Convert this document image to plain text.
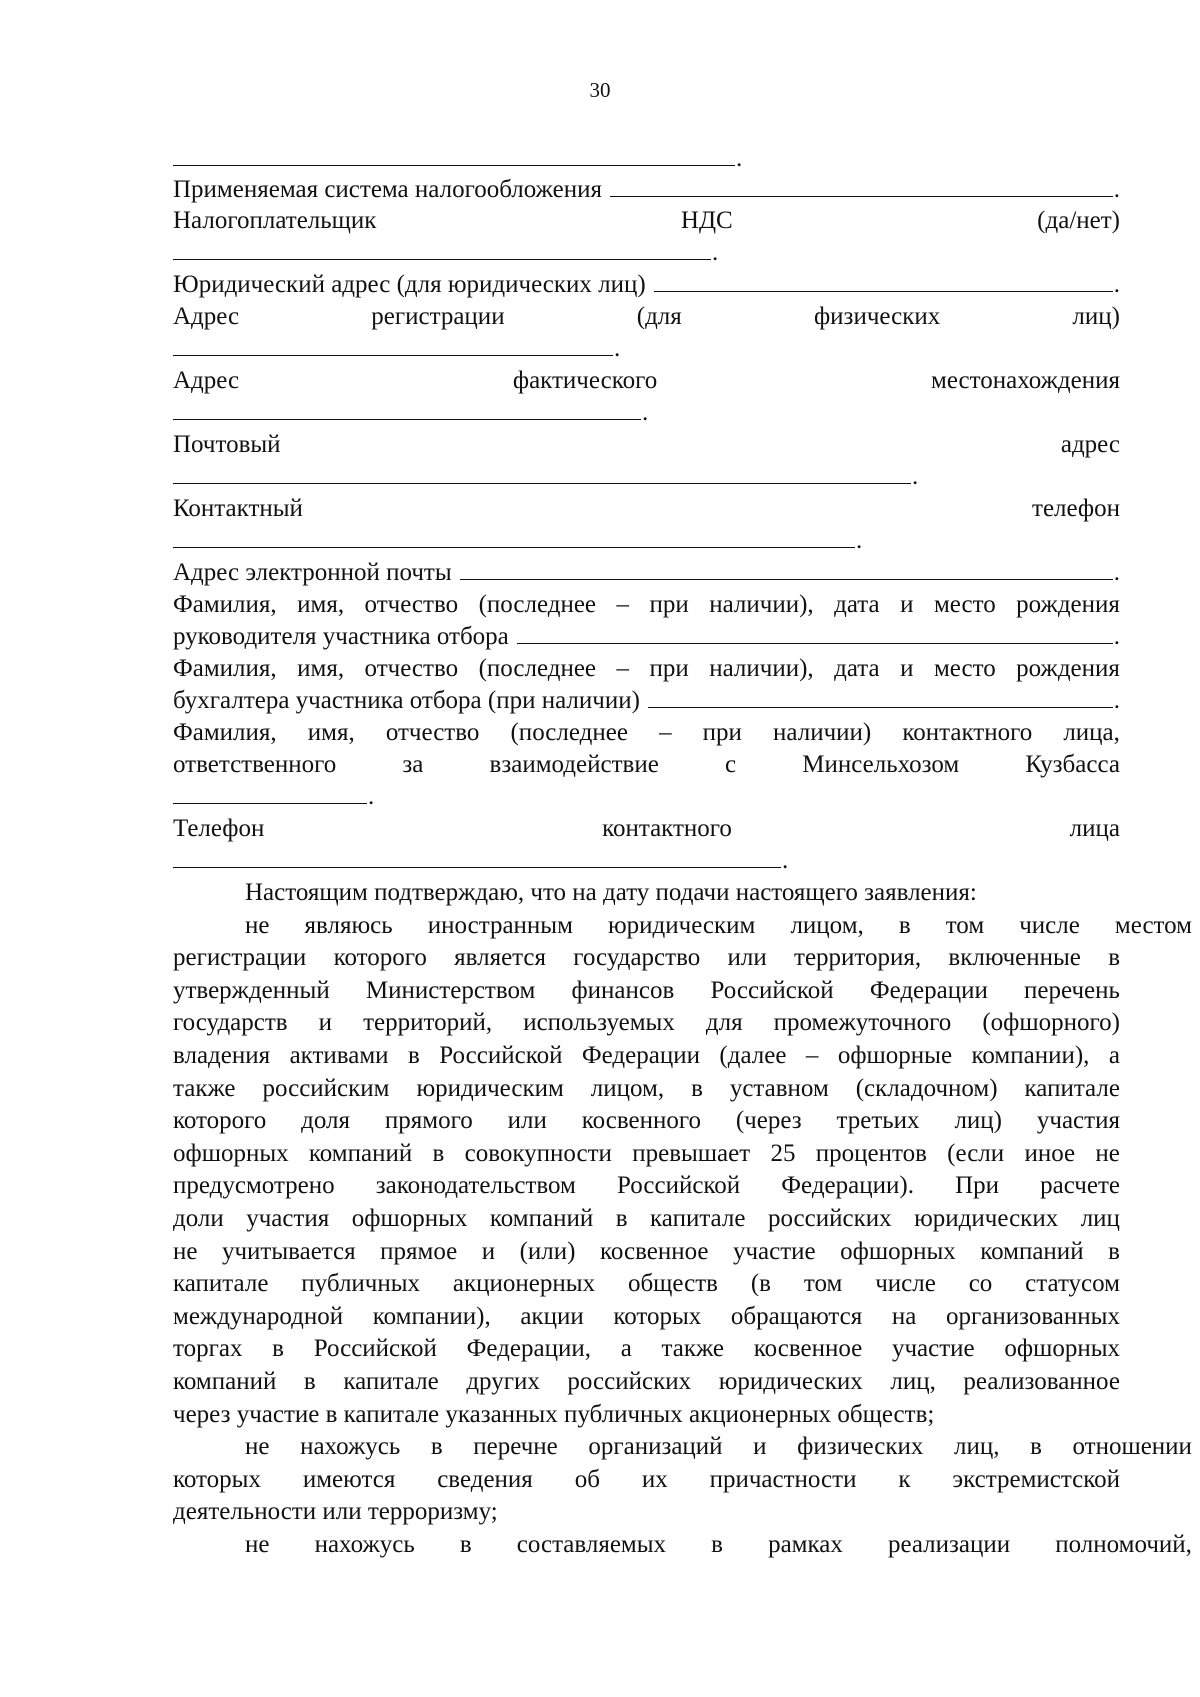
30
.
Применяемая система налогообложения	.
Налогоплательщик	НДС	(да/нет)
.
Юридический адрес (для юридических лиц)	.
Адрес	регистрации	(для	физических	лиц)
.
Адрес	фактического	местонахождения
.
Почтовый	адрес
.
Контактный	телефон
.
Адрес электронной почты	.
Фамилия, имя, отчество (последнее – при наличии), дата и место рождения
руководителя участника отбора	.
Фамилия, имя, отчество (последнее – при наличии), дата и место рождения
бухгалтера участника отбора (при наличии)	.
Фамилия, имя, отчество (последнее – при наличии) контактного лица,
ответственного	за	взаимодействие	с	Минсельхозом	Кузбасса
.
Телефон	контактного	лица
.
Настоящим подтверждаю, что на дату подачи настоящего заявления:
не являюсь иностранным юридическим лицом, в том числе местом
регистрации которого является государство или территория, включенные в
утвержденный Министерством финансов Российской Федерации перечень
государств и территорий, используемых для промежуточного (офшорного)
владения активами в Российской Федерации (далее – офшорные компании), а
также российским юридическим лицом, в уставном (складочном) капитале
которого доля прямого или косвенного (через третьих лиц) участия
офшорных компаний в совокупности превышает 25 процентов (если иное не
предусмотрено законодательством Российской Федерации). При расчете
доли участия офшорных компаний в капитале российских юридических лиц
не учитывается прямое и (или) косвенное участие офшорных компаний в
капитале публичных акционерных обществ (в том числе со статусом
международной компании), акции которых обращаются на организованных
торгах в Российской Федерации, а также косвенное участие офшорных
компаний в капитале других российских юридических лиц, реализованное
через участие в капитале указанных публичных акционерных обществ;
не нахожусь в перечне организаций и физических лиц, в отношении
которых имеются сведения об их причастности к экстремистской
деятельности или терроризму;
не нахожусь в составляемых в рамках реализации полномочий,
